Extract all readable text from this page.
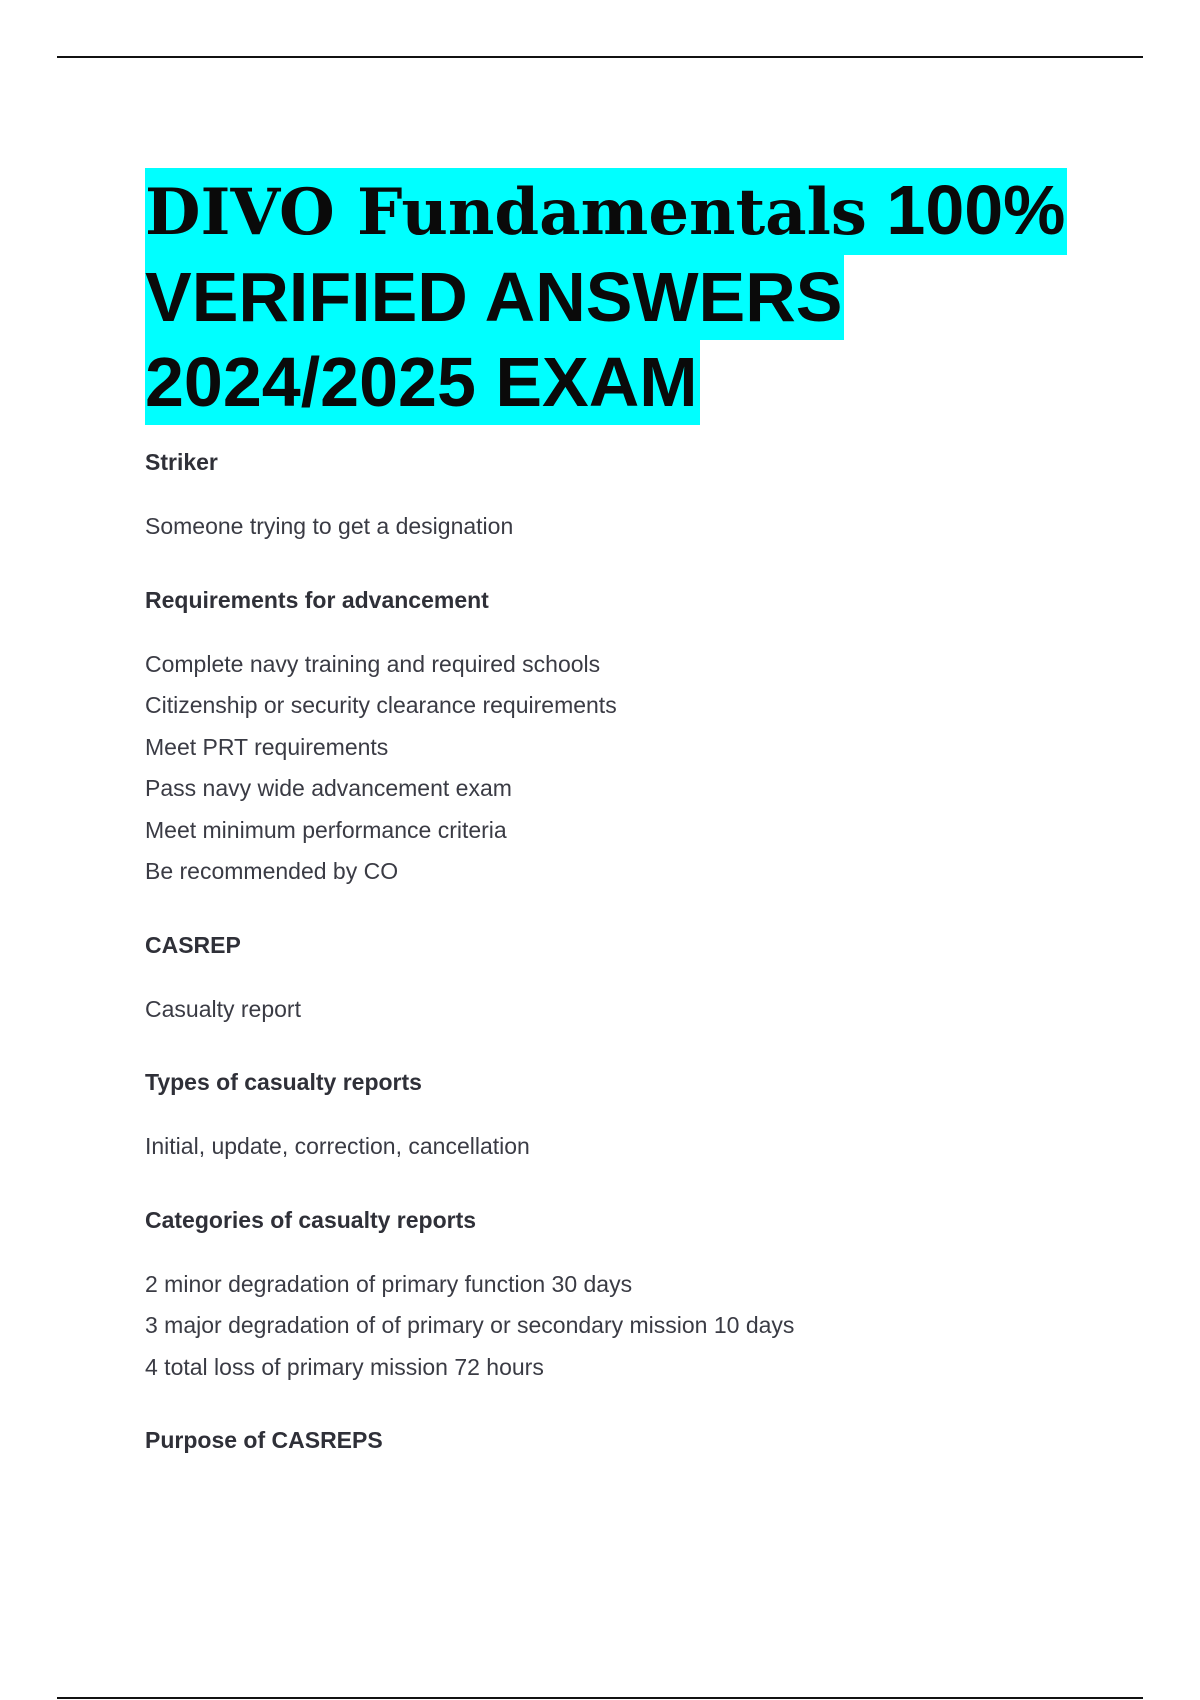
DIVO Fundamentals 100%
VERIFIED ANSWERS
2024/2025 EXAM

Striker

Someone trying to get a designation

Requirements for advancement

Complete navy training and required schools
Citizenship or security clearance requirements
Meet PRT requirements
Pass navy wide advancement exam
Meet minimum performance criteria
Be recommended by CO

CASREP

Casualty report

Types of casualty reports

Initial, update, correction, cancellation

Categories of casualty reports

2 minor degradation of primary function 30 days
3 major degradation of of primary or secondary mission 10 days
4 total loss of primary mission 72 hours

Purpose of CASREPS
